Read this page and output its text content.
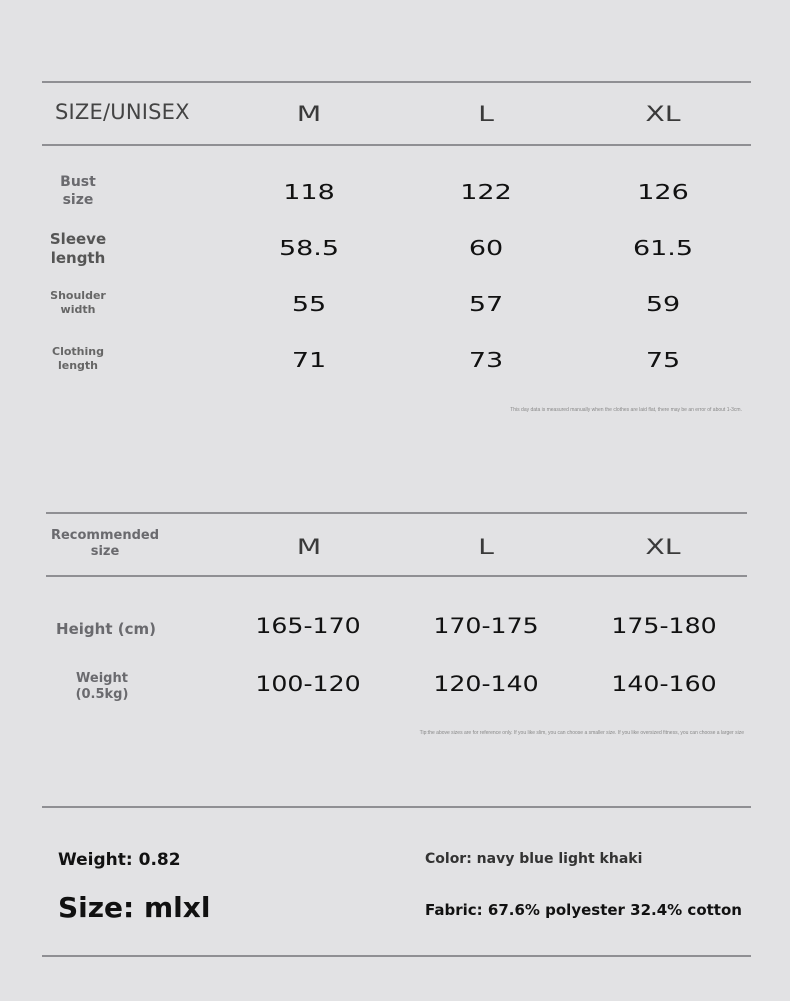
SIZE/UNISEX	M	L	XL
Bust
size	118	122	126
Sleeve
length	58.5	60	61.5
Shoulder
width	55	57	59
Clothing
length	71	73	75
This day data is measured manually when the clothes are laid flat, there may be an error of about 1-3cm.
Recommended
size	M	L	XL
Height (cm)	165-170	170-175	175-180
Weight
(0.5kg)	100-120	120-140	140-160
Tip:the above sizes are for reference only. If you like slim, you can choose a smaller size. If you like oversized fitness, you can choose a larger size
Weight: 0.82
Size: mlxl
Color: navy blue light khaki
Fabric: 67.6% polyester 32.4% cotton
